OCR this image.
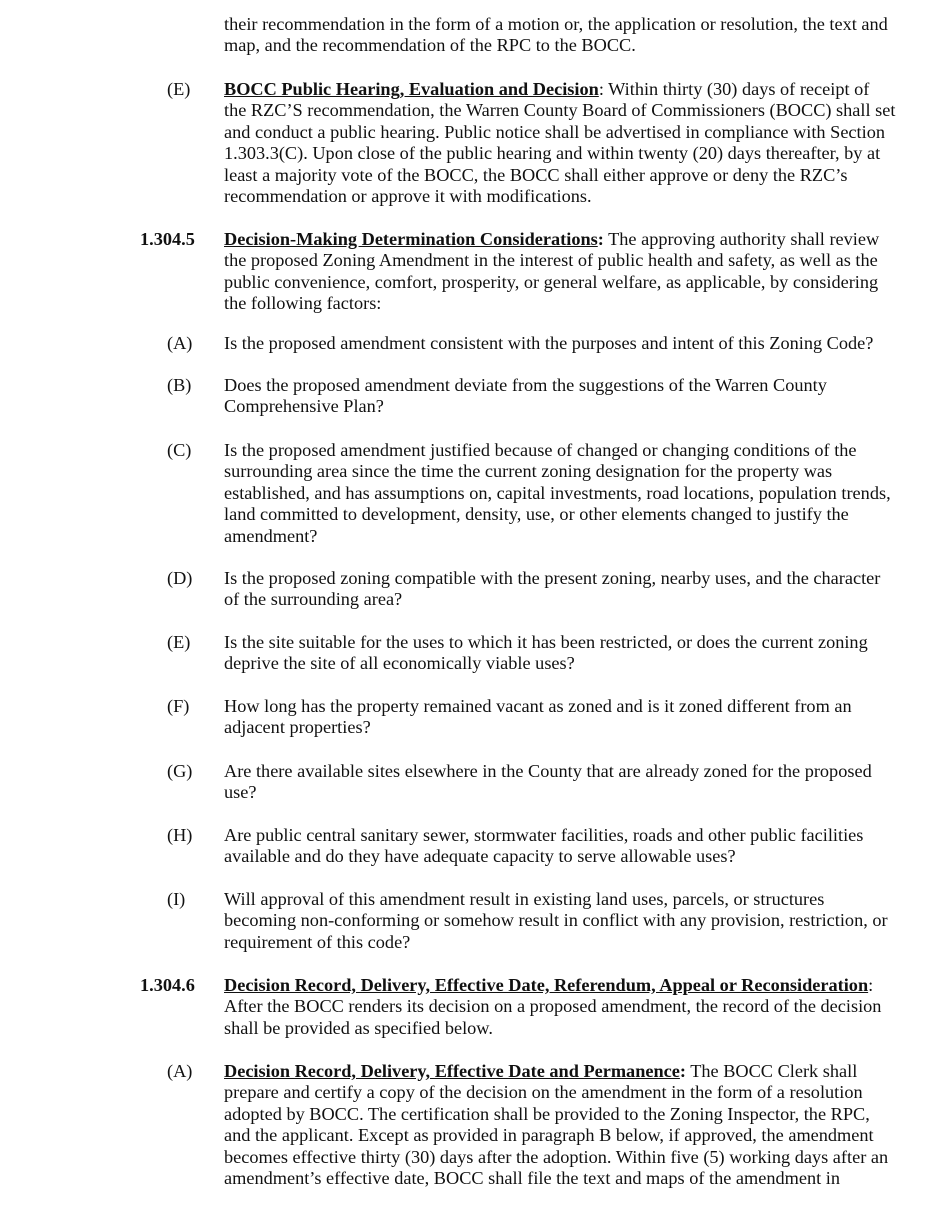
their recommendation in the form of a motion or, the application or resolution, the text and map, and the recommendation of the RPC to the BOCC.

(E)	BOCC Public Hearing, Evaluation and Decision: Within thirty (30) days of receipt of the RZC’S recommendation, the Warren County Board of Commissioners (BOCC) shall set and conduct a public hearing. Public notice shall be advertised in compliance with Section 1.303.3(C). Upon close of the public hearing and within twenty (20) days thereafter, by at least a majority vote of the BOCC, the BOCC shall either approve or deny the RZC’s recommendation or approve it with modifications.

1.304.5	Decision-Making Determination Considerations: The approving authority shall review the proposed Zoning Amendment in the interest of public health and safety, as well as the public convenience, comfort, prosperity, or general welfare, as applicable, by considering the following factors:

(A)	Is the proposed amendment consistent with the purposes and intent of this Zoning Code?

(B)	Does the proposed amendment deviate from the suggestions of the Warren County Comprehensive Plan?

(C)	Is the proposed amendment justified because of changed or changing conditions of the surrounding area since the time the current zoning designation for the property was established, and has assumptions on, capital investments, road locations, population trends, land committed to development, density, use, or other elements changed to justify the amendment?

(D)	Is the proposed zoning compatible with the present zoning, nearby uses, and the character of the surrounding area?

(E)	Is the site suitable for the uses to which it has been restricted, or does the current zoning deprive the site of all economically viable uses?

(F)	How long has the property remained vacant as zoned and is it zoned different from an adjacent properties?

(G)	Are there available sites elsewhere in the County that are already zoned for the proposed use?

(H)	Are public central sanitary sewer, stormwater facilities, roads and other public facilities available and do they have adequate capacity to serve allowable uses?

(I)	Will approval of this amendment result in existing land uses, parcels, or structures becoming non-conforming or somehow result in conflict with any provision, restriction, or requirement of this code?

1.304.6	Decision Record, Delivery, Effective Date, Referendum, Appeal or Reconsideration: After the BOCC renders its decision on a proposed amendment, the record of the decision shall be provided as specified below.

(A)	Decision Record, Delivery, Effective Date and Permanence: The BOCC Clerk shall prepare and certify a copy of the decision on the amendment in the form of a resolution adopted by BOCC. The certification shall be provided to the Zoning Inspector, the RPC, and the applicant. Except as provided in paragraph B below, if approved, the amendment becomes effective thirty (30) days after the adoption. Within five (5) working days after an amendment’s effective date, BOCC shall file the text and maps of the amendment in
